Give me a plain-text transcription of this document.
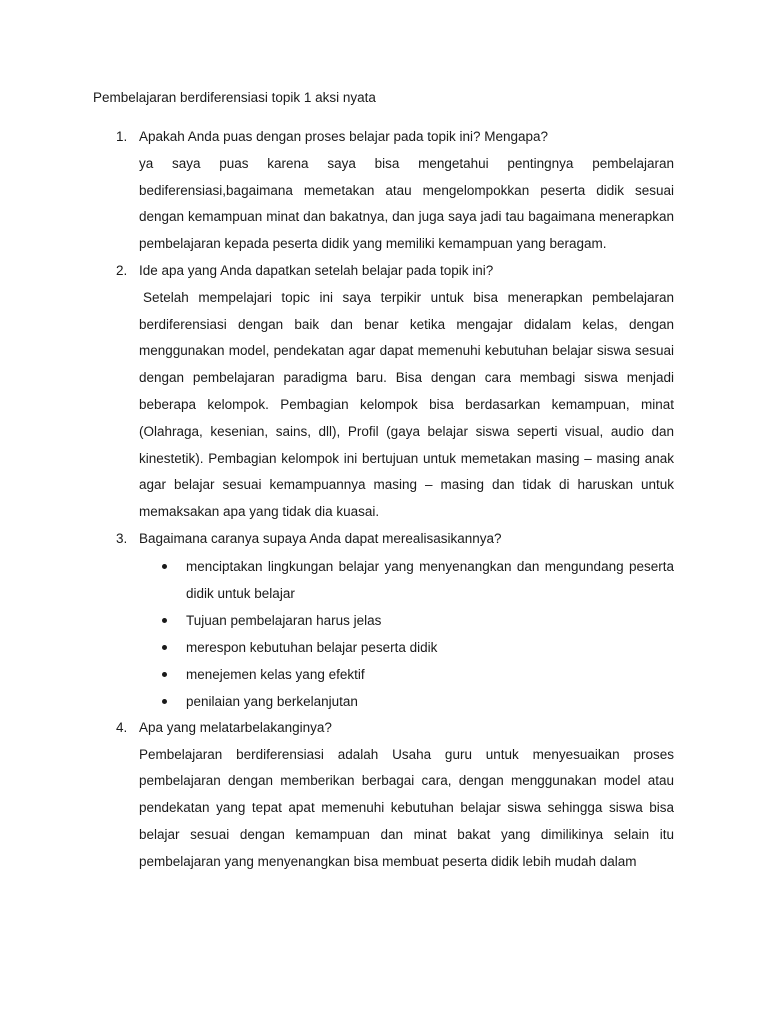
Pembelajaran berdiferensiasi topik 1 aksi nyata
1. Apakah Anda puas dengan proses belajar pada topik ini? Mengapa?

ya saya puas karena saya bisa mengetahui pentingnya pembelajaran bediferensiasi,bagaimana memetakan atau mengelompokkan peserta didik sesuai dengan kemampuan minat dan bakatnya, dan juga saya jadi tau bagaimana menerapkan pembelajaran kepada peserta didik yang memiliki kemampuan yang beragam.

2. Ide apa yang Anda dapatkan setelah belajar pada topik ini?

Setelah mempelajari topic ini saya terpikir untuk bisa menerapkan pembelajaran berdiferensiasi dengan baik dan benar ketika mengajar didalam kelas, dengan menggunakan model, pendekatan agar dapat memenuhi kebutuhan belajar siswa sesuai dengan pembelajaran paradigma baru. Bisa dengan cara membagi siswa menjadi beberapa kelompok. Pembagian kelompok bisa berdasarkan kemampuan, minat (Olahraga, kesenian, sains, dll), Profil (gaya belajar siswa seperti visual, audio dan kinestetik). Pembagian kelompok ini bertujuan untuk memetakan masing – masing anak agar belajar sesuai kemampuannya masing – masing dan tidak di haruskan untuk memaksakan apa yang tidak dia kuasai.

3. Bagaimana caranya supaya Anda dapat merealisasikannya?

menciptakan lingkungan belajar yang menyenangkan dan mengundang peserta didik untuk belajar
Tujuan pembelajaran harus jelas
merespon kebutuhan belajar peserta didik
menejemen kelas yang efektif
penilaian yang berkelanjutan
4. Apa yang melatarbelakanginya?

Pembelajaran berdiferensiasi adalah Usaha guru untuk menyesuaikan proses pembelajaran dengan memberikan berbagai cara, dengan menggunakan model atau pendekatan yang tepat apat memenuhi kebutuhan belajar siswa sehingga siswa bisa belajar sesuai dengan kemampuan dan minat bakat yang dimilikinya selain itu pembelajaran yang menyenangkan bisa membuat peserta didik lebih mudah dalam
